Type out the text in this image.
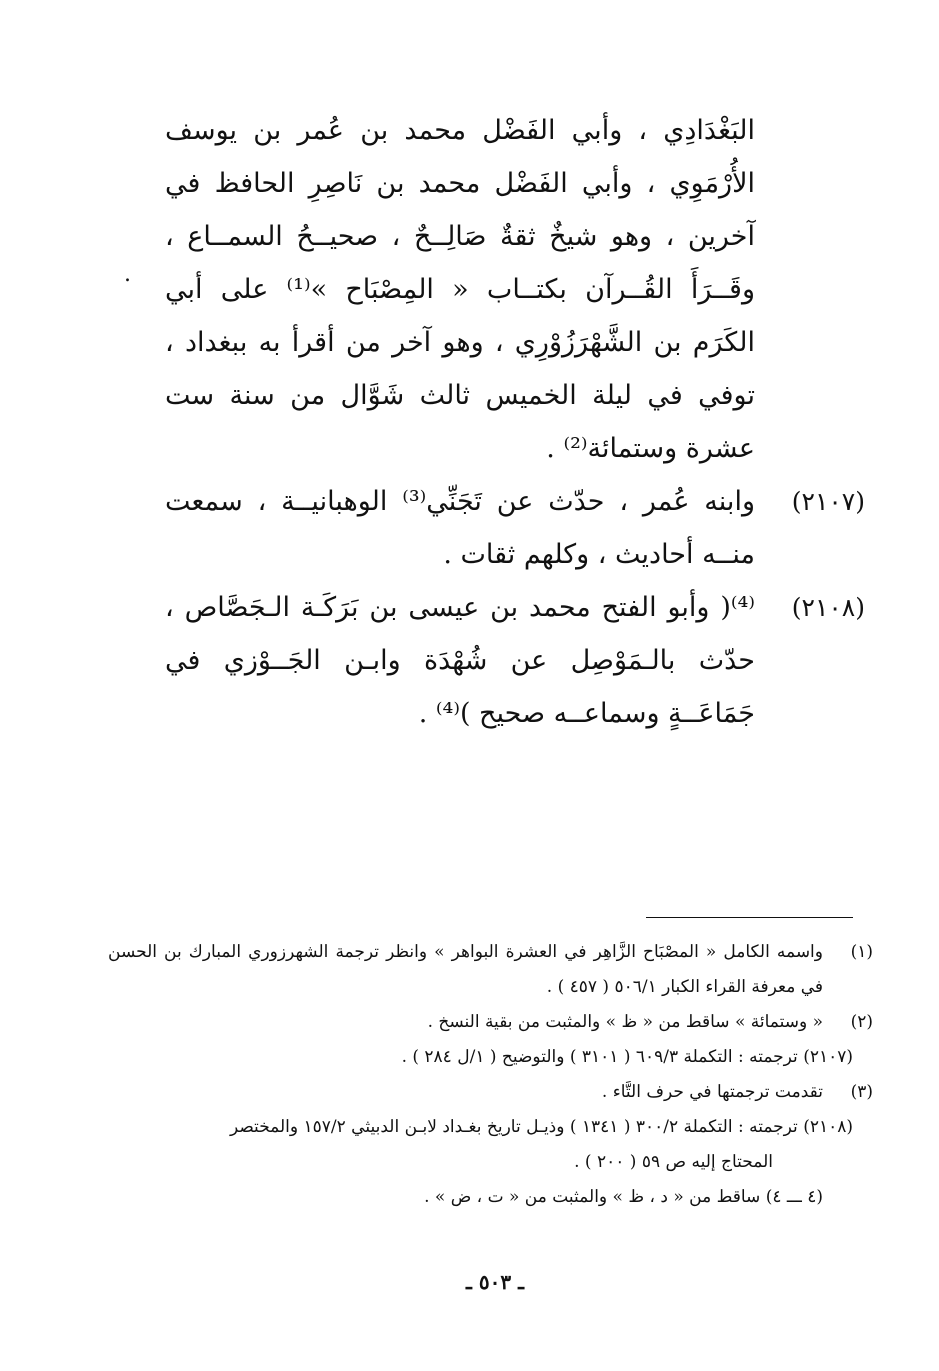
البَغْدَادِي ، وأبي الفَضْل محمد بن عُمر بن يوسف الأُرْمَوِي ، وأبي الفَضْل محمد بن نَاصِرِ الحافظ في آخرين ، وهو شيخٌ ثقةٌ صَالِــحٌ ، صحيــحُ السمــاع ، وقَــرَأَ القُــرآن بكتــاب « المِصْبَاح »⁽¹⁾ على أبي الكَرَم بن الشَّهْرَزُوْرِي ، وهو آخر من أقرأ به ببغداد ، توفي في ليلة الخميس ثالث شَوَّال من سنة ست عشرة وستمائة⁽²⁾ .

(٢١٠٧)
وابنه عُمر ، حدّث عن تَجَنِّي⁽³⁾ الوهبانيــة ، سمعت منــه أحاديث ، وكلهم ثقات .
(٢١٠٨)
⁽⁴⁾( وأبو الفتح محمد بن عيسى بن بَرَكَـة الـجَصَّاص ، حدّث بالـمَوْصِل عن شُهْدَة وابـن الجَــوْزي في جَمَاعَــةٍ وسماعــه صحيح )⁽⁴⁾ .
.

(١)واسمه الكامل « المصْبَاح الزَّاهِر في العشرة البواهر » وانظر ترجمة الشهرزوري المبارك بن الحسن في معرفة القراء الكبار ٥٠٦/١ ( ٤٥٧ ) .

(٢)« وستمائة » ساقط من « ظ » والمثبت من بقية النسخ .

(٢١٠٧) ترجمته : التكملة ٦٠٩/٣ ( ٣١٠١ ) والتوضيح ( ١/ل ٢٨٤ ) .

(٣)تقدمت ترجمتها في حرف التَّاء .

(٢١٠٨) ترجمته : التكملة ٣٠٠/٢ ( ١٣٤١ ) وذيـل تاريخ بغـداد لابـن الدبيثي ١٥٧/٢ والمختصر

المحتاج إليه ص ٥٩ ( ٢٠٠ ) .

(٤ ـــ ٤) ساقط من « د ، ظ » والمثبت من « ت ، ض » .

ـ ٥٠٣ ـ
